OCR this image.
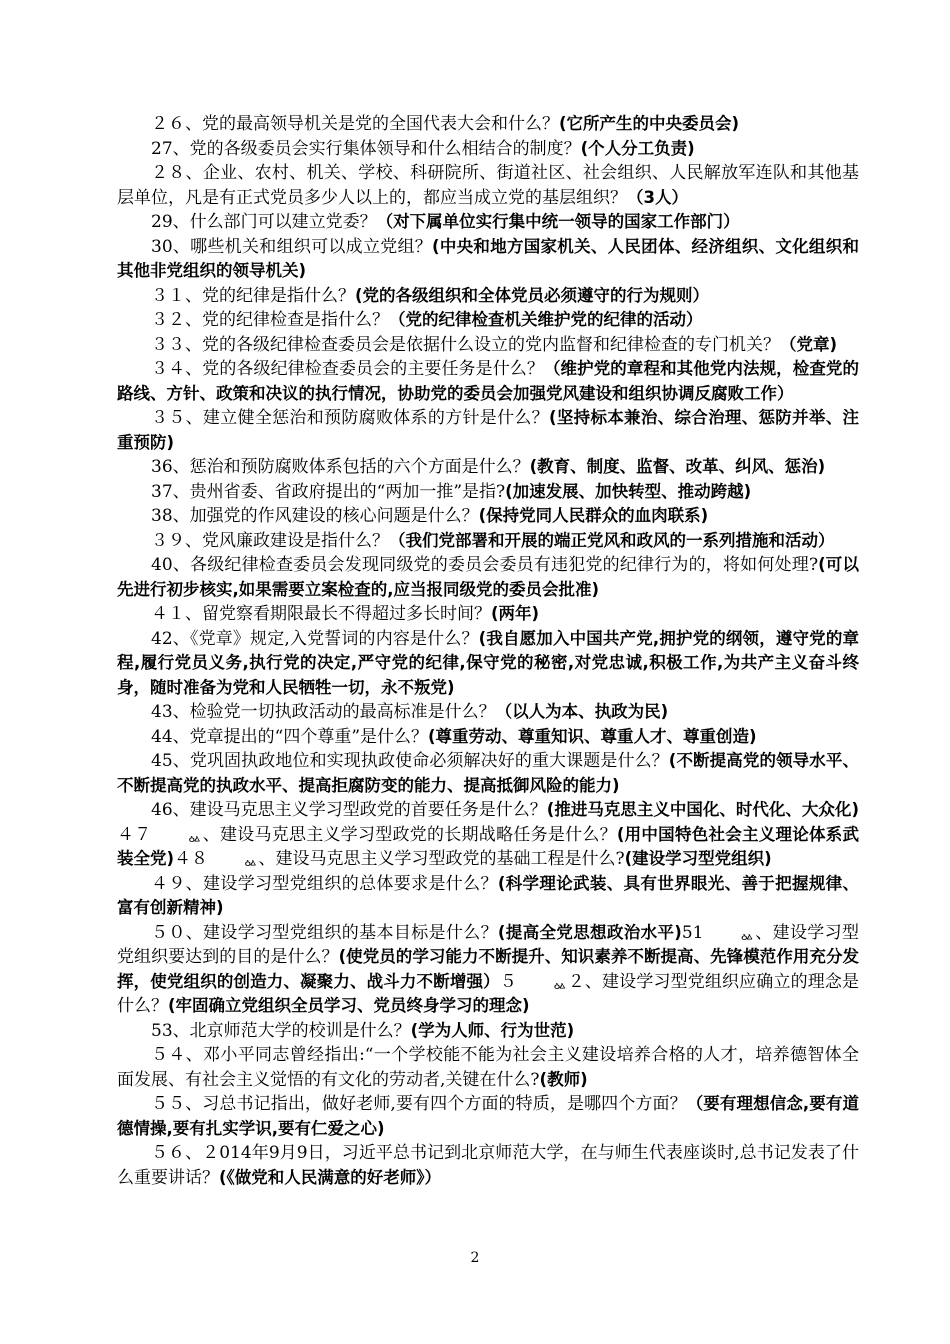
２６、党的最高领导机关是党的全国代表大会和什么？(它所产生的中央委员会)

27、党的各级委员会实行集体领导和什么相结合的制度？(个人分工负责)

２８、企业、农村、机关、学校、科研院所、街道社区、社会组织、人民解放军连队和其他基层单位，凡是有正式党员多少人以上的，都应当成立党的基层组织？（3人）

29、什么部门可以建立党委？（对下属单位实行集中统一领导的国家工作部门）

30、哪些机关和组织可以成立党组？(中央和地方国家机关、人民团体、经济组织、文化组织和其他非党组织的领导机关)

３１、党的纪律是指什么？(党的各级组织和全体党员必须遵守的行为规则）

３２、党的纪律检查是指什么？（党的纪律检查机关维护党的纪律的活动）

３３、党的各级纪律检查委员会是依据什么设立的党内监督和纪律检查的专门机关？（党章)

３４、党的各级纪律检查委员会的主要任务是什么？（维护党的章程和其他党内法规，检查党的路线、方针、政策和决议的执行情况，协助党的委员会加强党风建设和组织协调反腐败工作）

３５、建立健全惩治和预防腐败体系的方针是什么？(坚持标本兼治、综合治理、惩防并举、注重预防)

36、惩治和预防腐败体系包括的六个方面是什么？(教育、制度、监督、改革、纠风、惩治)

37、贵州省委、省政府提出的“两加一推”是指?(加速发展、加快转型、推动跨越)

38、加强党的作风建设的核心问题是什么？(保持党同人民群众的血肉联系)

３９、党风廉政建设是指什么？（我们党部署和开展的端正党风和政风的一系列措施和活动）

40、各级纪律检查委员会发现同级党的委员会委员有违犯党的纪律行为的，将如何处理?(可以先进行初步核实,如果需要立案检查的,应当报同级党的委员会批准)

４１、留党察看期限最长不得超过多长时间？(两年)

42、《党章》规定,入党誓词的内容是什么？(我自愿加入中国共产党,拥护党的纲领，遵守党的章程,履行党员义务,执行党的决定,严守党的纪律,保守党的秘密,对党忠诚,积极工作,为共产主义奋斗终身，随时准备为党和人民牺牲一切，永不叛党)

43、检验党一切执政活动的最高标准是什么？（以人为本、执政为民)

44、党章提出的“四个尊重”是什么？(尊重劳动、尊重知识、尊重人才、尊重创造)

45、党巩固执政地位和实现执政使命必须解决好的重大课题是什么？(不断提高党的领导水平、不断提高党的执政水平、提高拒腐防变的能力、提高抵御风险的能力)

46、建设马克思主义学习型政党的首要任务是什么？(推进马克思主义中国化、时代化、大众化)４７　　ᇲ、建设马克思主义学习型政党的长期战略任务是什么？(用中国特色社会主义理论体系武装全党)４８　　ᇲ、建设马克思主义学习型政党的基础工程是什么?(建设学习型党组织)

４９、建设学习型党组织的总体要求是什么？(科学理论武装、具有世界眼光、善于把握规律、富有创新精神)

５０、建设学习型党组织的基本目标是什么？(提高全党思想政治水平)51　　ᇲ、建设学习型党组织要达到的目的是什么？(使党员的学习能力不断提升、知识素养不断提高、先锋模范作用充分发挥，使党组织的创造力、凝聚力、战斗力不断增强）５　　ᇲ２、建设学习型党组织应确立的理念是什么？(牢固确立党组织全员学习、党员终身学习的理念)

53、北京师范大学的校训是什么？(学为人师、行为世范)

５４、邓小平同志曾经指出:“一个学校能不能为社会主义建设培养合格的人才，培养德智体全面发展、有社会主义觉悟的有文化的劳动者,关键在什么?(教师)

５５、习总书记指出，做好老师,要有四个方面的特质，是哪四个方面？（要有理想信念,要有道德情操,要有扎实学识,要有仁爱之心)

５６、２014年9月9日，习近平总书记到北京师范大学，在与师生代表座谈时,总书记发表了什么重要讲话？(《做党和人民满意的好老师》）

2
